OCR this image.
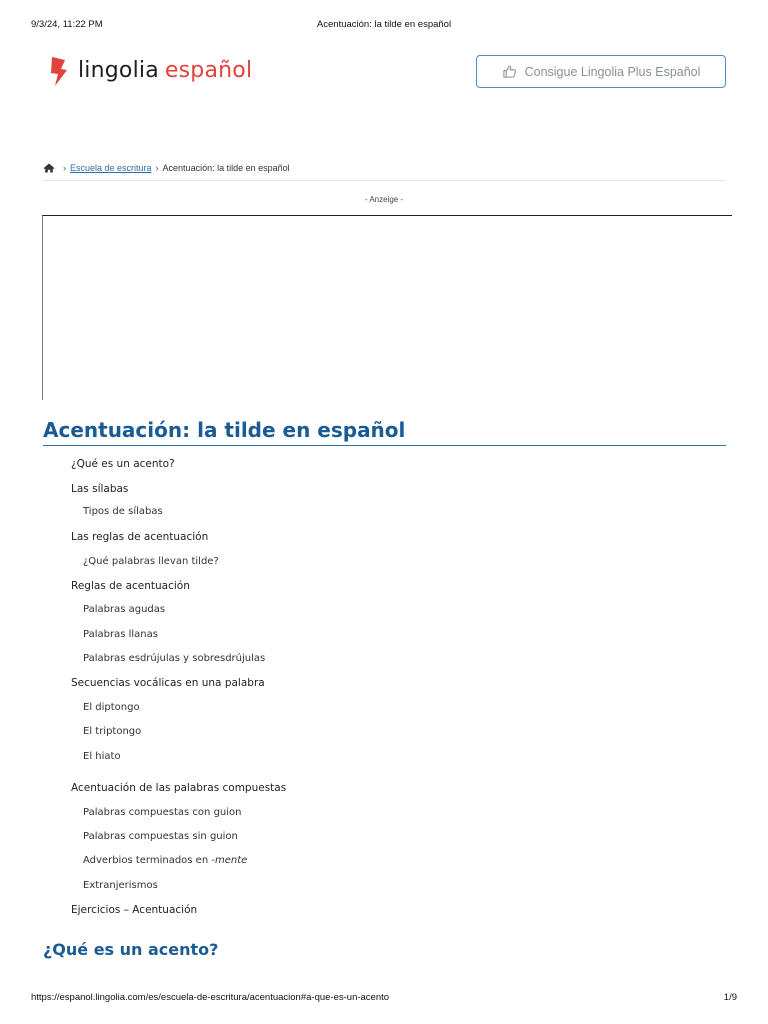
9/3/24, 11:22 PM	Acentuación: la tilde en español
lingolia español	Consigue Lingolia Plus Español
› Escuela de escritura › Acentuación: la tilde en español
- Anzeige -
Acentuación: la tilde en español
¿Qué es un acento?
Las sílabas
Tipos de sílabas
Las reglas de acentuación
¿Qué palabras llevan tilde?
Reglas de acentuación
Palabras agudas
Palabras llanas
Palabras esdrújulas y sobresdrújulas
Secuencias vocálicas en una palabra
El diptongo
El triptongo
El hiato
Acentuación de las palabras compuestas
Palabras compuestas con guion
Palabras compuestas sin guion
Adverbios terminados en -mente
Extranjerismos
Ejercicios – Acentuación
¿Qué es un acento?
https://espanol.lingolia.com/es/escuela-de-escritura/acentuacion#a-que-es-un-acento	1/9
